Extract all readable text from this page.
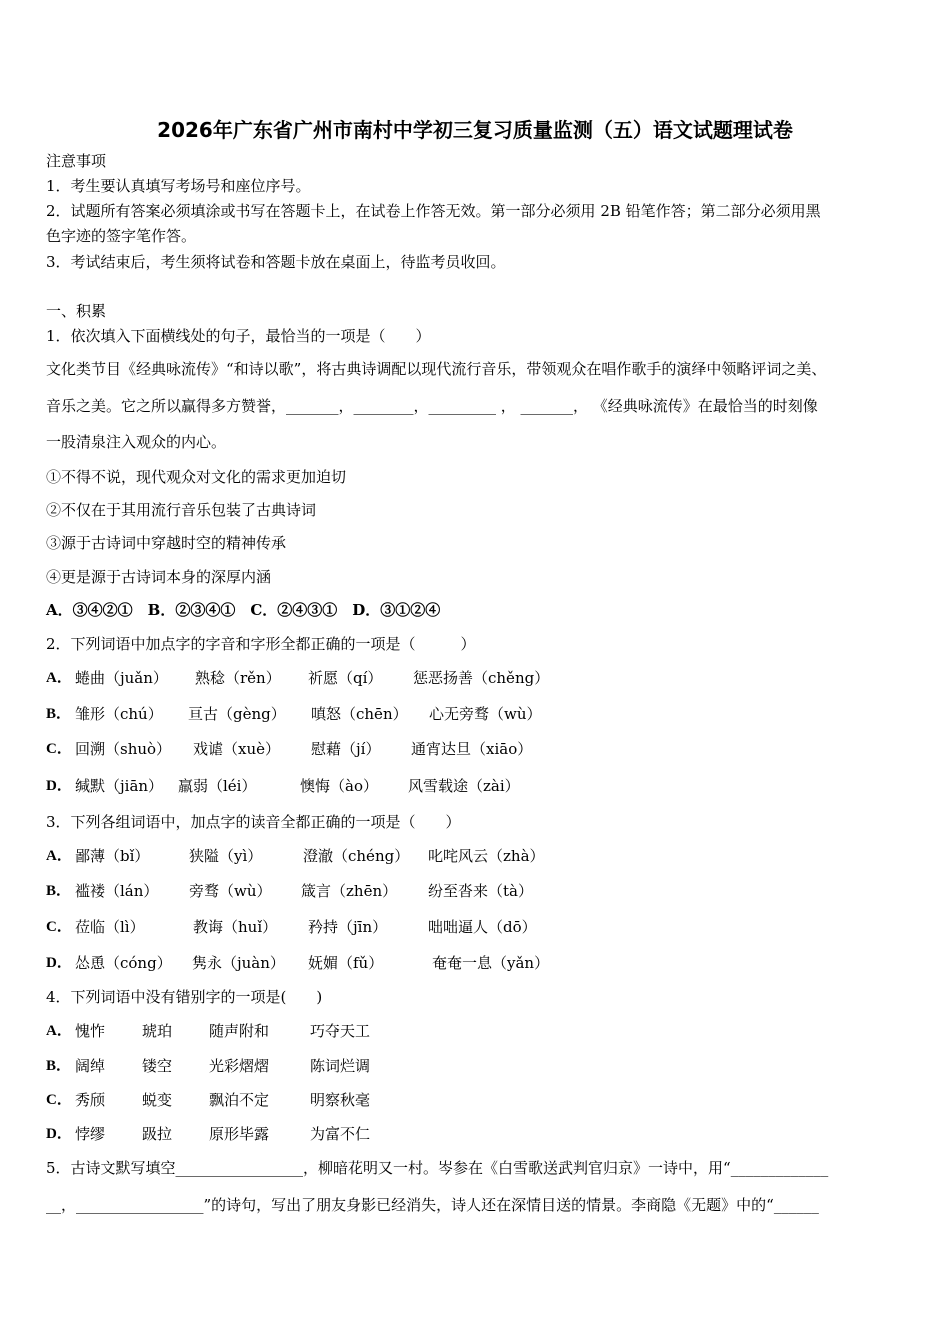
2026年广东省广州市南村中学初三复习质量监测（五）语文试题理试卷
注意事项
1．考生要认真填写考场号和座位序号。
2．试题所有答案必须填涂或书写在答题卡上，在试卷上作答无效。第一部分必须用 2B 铅笔作答；第二部分必须用黑
色字迹的签字笔作答。
3．考试结束后，考生须将试卷和答题卡放在桌面上，待监考员收回。
一、积累
1．依次填入下面横线处的句子，最恰当的一项是（　　）
文化类节目《经典咏流传》“和诗以歌”，将古典诗调配以现代流行音乐，带领观众在唱作歌手的演绎中领略评词之美、
音乐之美。它之所以赢得多方赞誉，_______，________，_________ ， _______， 《经典咏流传》在最恰当的时刻像
一股清泉注入观众的内心。
①不得不说，现代观众对文化的需求更加迫切
②不仅在于其用流行音乐包装了古典诗词
③源于古诗词中穿越时空的精神传承
④更是源于古诗词本身的深厚内涵
A．③④②①　B．②③④①　C．②④③①　D．③①②④
2．下列词语中加点字的字音和字形全都正确的一项是（　　　）
A． 蜷曲（juǎn） 熟稔（rěn） 祈愿（qí） 惩恶扬善（chěng）
B． 雏形（chú） 亘古（gèng） 嗔怒（chēn） 心无旁骛（wù）
C． 回溯（shuò） 戏谑（xuè） 慰藉（jí） 通宵达旦（xiāo）
D． 缄默（jiān） 羸弱（léi）	懊悔（ào） 风雪载途（zài）
3．下列各组词语中，加点字的读音全都正确的一项是（　　）
A． 鄙薄（bǐ）	狭隘（yì）	澄澈（chéng） 叱咤风云（zhà）
B． 褴褛（lán） 旁骛（wù） 箴言（zhēn） 纷至沓来（tà）
C． 莅临（lì）	教诲（huǐ） 矜持（jīn）	咄咄逼人（dō）
D． 怂恿（cóng） 隽永（juàn） 妩媚（fǔ）	奄奄一息（yǎn）
4．下列词语中没有错别字的一项是(　　)
A． 愧怍 琥珀 随声附和	巧夺天工
B． 阔绰 镂空 光彩熠熠	陈词烂调
C． 秀颀 蜕变 飘泊不定	明察秋毫
D． 悖缪 趿拉 原形毕露	为富不仁
5．古诗文默写填空_________________，柳暗花明又一村。岑参在《白雪歌送武判官归京》一诗中，用“_____________
__，_________________”的诗句，写出了朋友身影已经消失，诗人还在深情目送的情景。李商隐《无题》中的“______
